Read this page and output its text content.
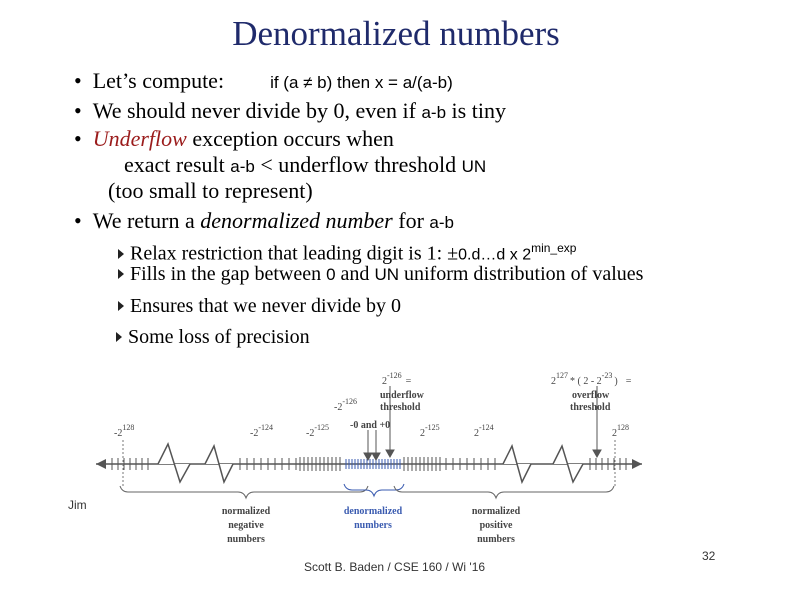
Denormalized numbers
•  Let’s compute:	if (a ≠ b) then x = a/(a-b)
•  We should never divide by 0, even if a-b is tiny
•  Underflow exception occurs when
exact result a-b < underflow threshold UN
(too small to represent)
•  We return a denormalized number for a-b
Relax restriction that leading digit is 1: ±0.d…d x $2^{min\_exp}$
Fills in the gap between 0 and UN uniform distribution of values
Ensures that we never divide by 0
Some loss of precision
$-2^{128}$
$-2^{-124}$
$-2^{-125}$
$-2^{-126}$
-0 and +0
$2^{-126}=$
underflow
threshold
$2^{-125}$
$2^{-124}$
$2^{127}*$ ( $2 - 2^{-23}$) =
overflow
threshold
$2^{128}$
normalized
negative
numbers
denormalized
numbers
normalized
positive
numbers
Jim
Scott B. Baden / CSE 160 / Wi '16
32
